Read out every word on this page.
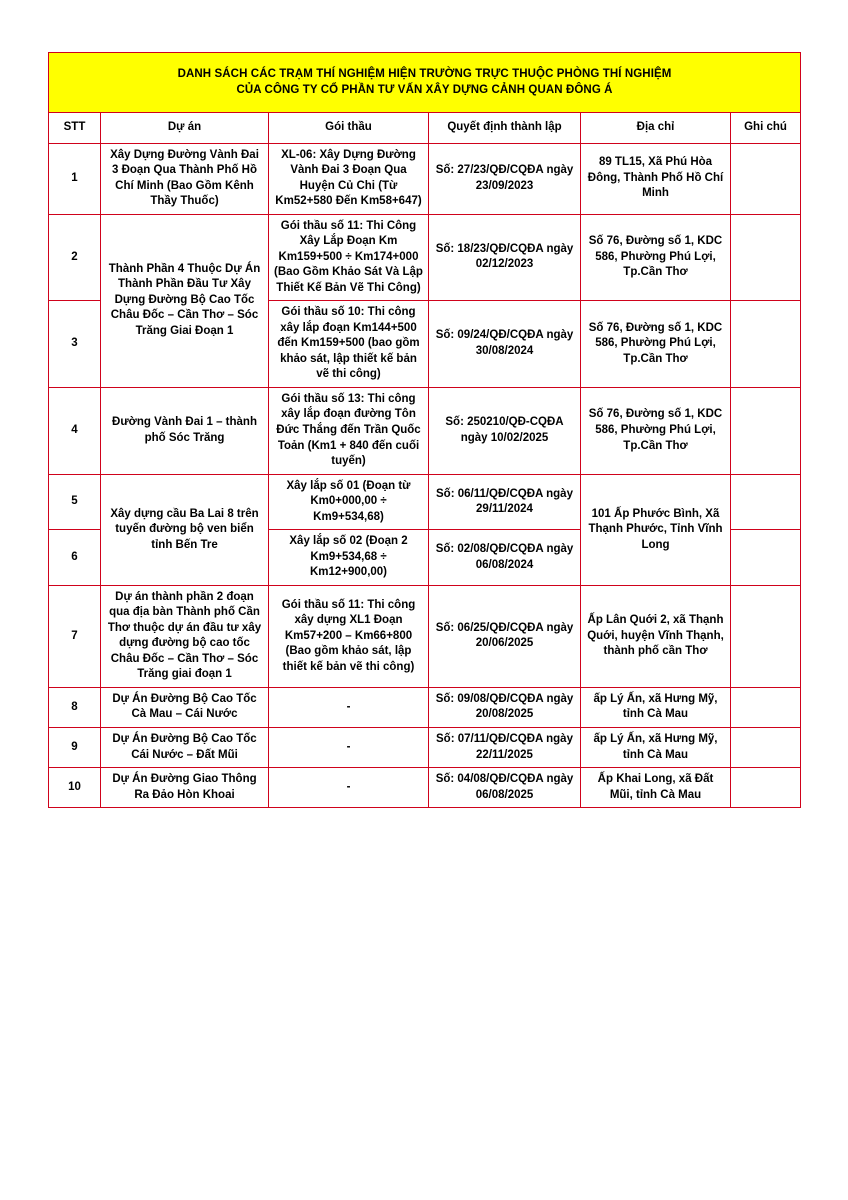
DANH SÁCH CÁC TRẠM THÍ NGHIỆM HIỆN TRƯỜNG TRỰC THUỘC PHÒNG THÍ NGHIỆM
CỦA CÔNG TY CỔ PHẦN TƯ VẤN XÂY DỰNG CẢNH QUAN ĐÔNG Á					

STT	Dự án	Gói thầu	Quyết định thành lập	Địa chỉ	Ghi chú
1	Xây Dựng Đường Vành Đai 3 Đoạn Qua Thành Phố Hồ Chí Minh (Bao Gồm Kênh Thầy Thuốc)	XL-06: Xây Dựng Đường Vành Đai 3 Đoạn Qua Huyện Củ Chi (Từ Km52+580 Đến Km58+647)	Số: 27/23/QĐ/CQĐA ngày 23/09/2023	89 TL15, Xã Phú Hòa Đông, Thành Phố Hồ Chí Minh	
2	Thành Phần 4 Thuộc Dự Án Thành Phần Đầu Tư Xây Dựng Đường Bộ Cao Tốc Châu Đốc – Cần Thơ – Sóc Trăng Giai Đoạn 1	Gói thầu số 11: Thi Công Xây Lắp Đoạn Km Km159+500 ÷ Km174+000 (Bao Gồm Khảo Sát Và Lập Thiết Kế Bản Vẽ Thi Công)	Số: 18/23/QĐ/CQĐA ngày 02/12/2023	Số 76, Đường số 1, KDC 586, Phường Phú Lợi, Tp.Cần Thơ	
3		Gói thầu số 10: Thi công xây lắp đoạn Km144+500 đến Km159+500 (bao gồm khảo sát, lập thiết kế bản vẽ thi công)	Số: 09/24/QĐ/CQĐA ngày 30/08/2024	Số 76, Đường số 1, KDC 586, Phường Phú Lợi, Tp.Cần Thơ	
4	Đường Vành Đai 1 – thành phố Sóc Trăng	Gói thầu số 13: Thi công xây lắp đoạn đường Tôn Đức Thắng đến Trần Quốc Toản (Km1 + 840 đến cuối tuyến)	Số: 250210/QĐ-CQĐA ngày 10/02/2025	Số 76, Đường số 1, KDC 586, Phường Phú Lợi, Tp.Cần Thơ	
5	Xây dựng cầu Ba Lai 8 trên tuyến đường bộ ven biển tỉnh Bến Tre	Xây lắp số 01 (Đoạn từ Km0+000,00 ÷ Km9+534,68)	Số: 06/11/QĐ/CQĐA ngày 29/11/2024	101 Ấp Phước Bình, Xã Thạnh Phước, Tỉnh Vĩnh Long	
6		Xây lắp số 02 (Đoạn 2 Km9+534,68 ÷ Km12+900,00)	Số: 02/08/QĐ/CQĐA ngày 06/08/2024		
7	Dự án thành phần 2 đoạn qua địa bàn Thành phố Cần Thơ thuộc dự án đầu tư xây dựng đường bộ cao tốc Châu Đốc – Cần Thơ – Sóc Trăng giai đoạn 1	Gói thầu số 11: Thi công xây dựng XL1 Đoạn Km57+200 – Km66+800 (Bao gồm khảo sát, lập thiết kế bản vẽ thi công)	Số: 06/25/QĐ/CQĐA ngày 20/06/2025	Ấp Lân Quới 2, xã Thạnh Quới, huyện Vĩnh Thạnh, thành phố cần Thơ	
8	Dự Án Đường Bộ Cao Tốc Cà Mau – Cái Nước	-	Số: 09/08/QĐ/CQĐA ngày 20/08/2025	ấp Lý Ấn, xã Hưng Mỹ, tỉnh Cà Mau	
9	Dự Án Đường Bộ Cao Tốc Cái Nước – Đất Mũi	-	Số: 07/11/QĐ/CQĐA ngày 22/11/2025	ấp Lý Ấn, xã Hưng Mỹ, tỉnh Cà Mau	
10	Dự Án Đường Giao Thông Ra Đảo Hòn Khoai	-	Số: 04/08/QĐ/CQĐA ngày 06/08/2025	Ấp Khai Long, xã Đất Mũi, tỉnh Cà Mau	
